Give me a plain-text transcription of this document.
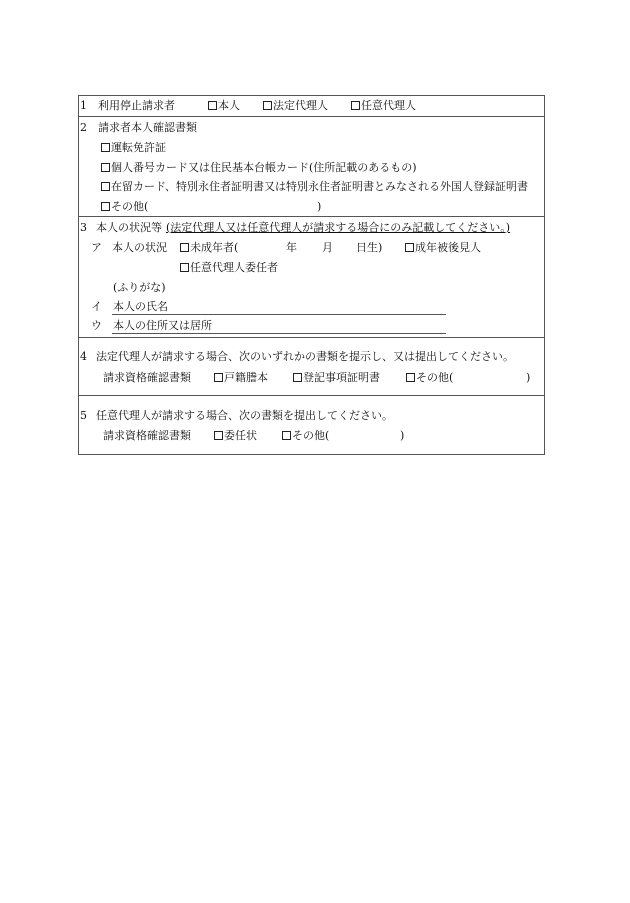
1 利用停止請求者	本人	法定代理人	任意代理人
2 請求者本人確認書類
運転免許証
個人番号カード又は住民基本台帳カード(住所記載のあるもの)
在留カード、特別永住者証明書又は特別永住者証明書とみなされる外国人登録証明書
その他(	)
3 本人の状況等 (法定代理人又は任意代理人が請求する場合にのみ記載してください。)
ア 本人の状況	未成年者(	年 月 日生)	成年被後見人
任意代理人委任者
(ふりがな)
イ 本人の氏名
ウ 本人の住所又は居所
4 法定代理人が請求する場合、次のいずれかの書類を提示し、又は提出してください。
請求資格確認書類	戸籍謄本	登記事項証明書	その他(	)
5 任意代理人が請求する場合、次の書類を提出してください。
請求資格確認書類	委任状	その他(	)
